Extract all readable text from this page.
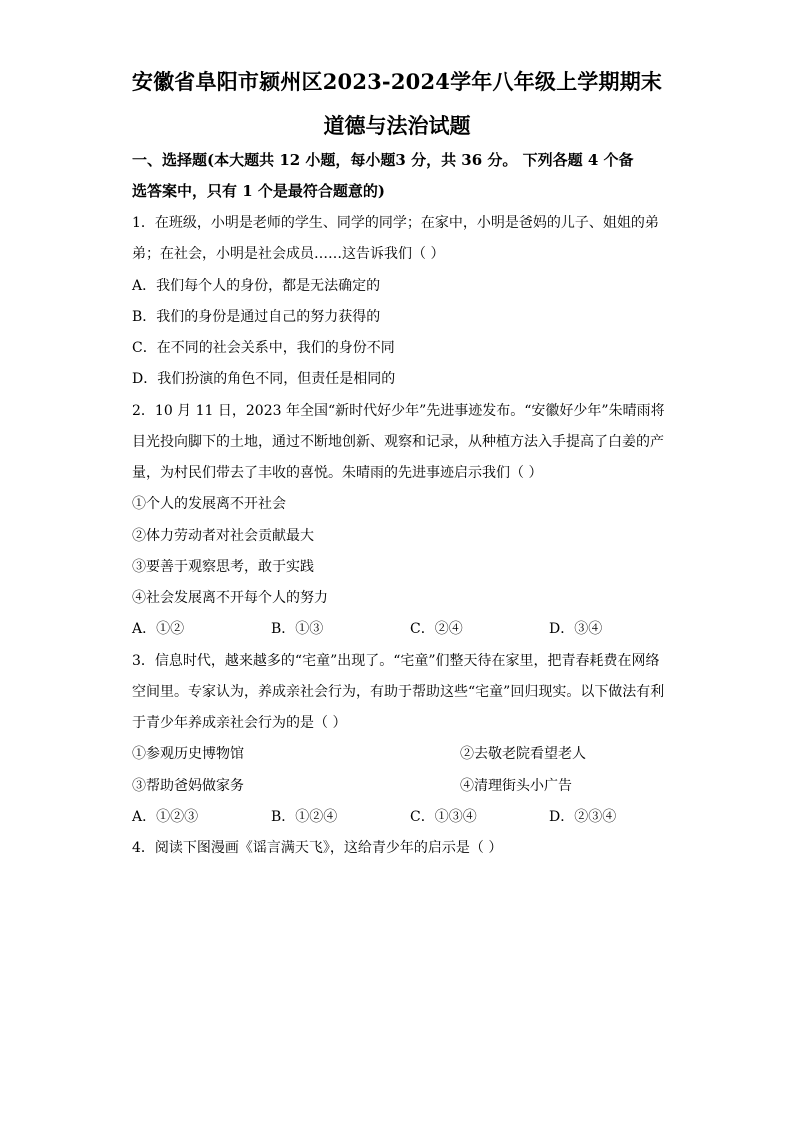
安徽省阜阳市颍州区2023-2024学年八年级上学期期末
道德与法治试题
一、选择题(本大题共 12 小题，每小题3 分，共 36 分。 下列各题 4 个备
选答案中，只有 1 个是最符合题意的)
1．在班级，小明是老师的学生、同学的同学；在家中，小明是爸妈的儿子、姐姐的弟
弟；在社会，小明是社会成员……这告诉我们（ ）
A．我们每个人的身份，都是无法确定的
B．我们的身份是通过自己的努力获得的
C．在不同的社会关系中，我们的身份不同
D．我们扮演的角色不同，但责任是相同的
2．10 月 11 日，2023 年全国“新时代好少年”先进事迹发布。“安徽好少年”朱晴雨将
目光投向脚下的土地，通过不断地创新、观察和记录，从种植方法入手提高了白姜的产
量，为村民们带去了丰收的喜悦。朱晴雨的先进事迹启示我们（ ）
①个人的发展离不开社会
②体力劳动者对社会贡献最大
③要善于观察思考，敢于实践
④社会发展离不开每个人的努力
A．①②	B．①③	C．②④	D．③④
3．信息时代，越来越多的“宅童”出现了。“宅童”们整天待在家里，把青春耗费在网络
空间里。专家认为，养成亲社会行为，有助于帮助这些“宅童”回归现实。以下做法有利
于青少年养成亲社会行为的是（ ）
①参观历史博物馆	②去敬老院看望老人
③帮助爸妈做家务	④清理街头小广告
A．①②③	B．①②④	C．①③④	D．②③④
4．阅读下图漫画《谣言满天飞》，这给青少年的启示是（ ）
